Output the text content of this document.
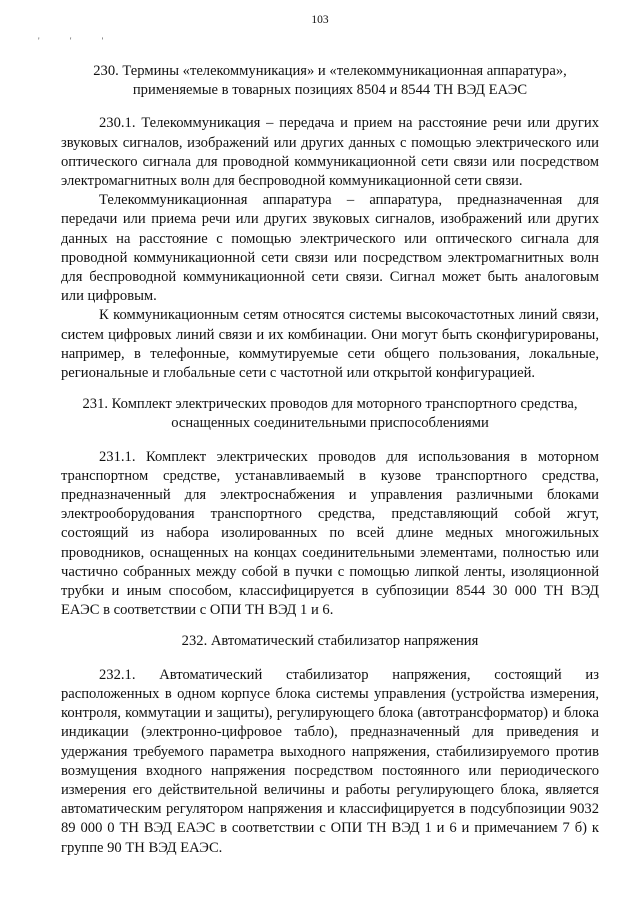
103
' ' '
230. Термины «телекоммуникация» и «телекоммуникационная аппаратура», применяемые в товарных позициях 8504 и 8544 ТН ВЭД ЕАЭС

230.1. Телекоммуникация – передача и прием на расстояние речи или других звуковых сигналов, изображений или других данных с помощью электрического или оптического сигнала для проводной коммуникационной сети связи или посредством электромагнитных волн для беспроводной коммуникационной сети связи.

Телекоммуникационная аппаратура – аппаратура, предназначенная для передачи или приема речи или других звуковых сигналов, изображений или других данных на расстояние с помощью электрического или оптического сигнала для проводной коммуникационной сети связи или посредством электромагнитных волн для беспроводной коммуникационной сети связи. Сигнал может быть аналоговым или цифровым.

К коммуникационным сетям относятся системы высокочастотных линий связи, систем цифровых линий связи и их комбинации. Они могут быть сконфигурированы, например, в телефонные, коммутируемые сети общего пользования, локальные, региональные и глобальные сети с частотной или открытой конфигурацией.

231. Комплект электрических проводов для моторного транспортного средства, оснащенных соединительными приспособлениями

231.1. Комплект электрических проводов для использования в моторном транспортном средстве, устанавливаемый в кузове транспортного средства, предназначенный для электроснабжения и управления различными блоками электрооборудования транспортного средства, представляющий собой жгут, состоящий из набора изолированных по всей длине медных многожильных проводников, оснащенных на концах соединительными элементами, полностью или частично собранных между собой в пучки с помощью липкой ленты, изоляционной трубки и иным способом, классифицируется в субпозиции 8544 30 000 ТН ВЭД ЕАЭС в соответствии с ОПИ ТН ВЭД 1 и 6.

232. Автоматический стабилизатор напряжения

232.1. Автоматический стабилизатор напряжения, состоящий из расположенных в одном корпусе блока системы управления (устройства измерения, контроля, коммутации и защиты), регулирующего блока (автотрансформатор) и блока индикации (электронно-цифровое табло), предназначенный для приведения и удержания требуемого параметра выходного напряжения, стабилизируемого против возмущения входного напряжения посредством постоянного или периодического измерения его действительной величины и работы регулирующего блока, является автоматическим регулятором напряжения и классифицируется в подсубпозиции 9032 89 000 0 ТН ВЭД ЕАЭС в соответствии с ОПИ ТН ВЭД 1 и 6 и примечанием 7 б) к группе 90 ТН ВЭД ЕАЭС.
